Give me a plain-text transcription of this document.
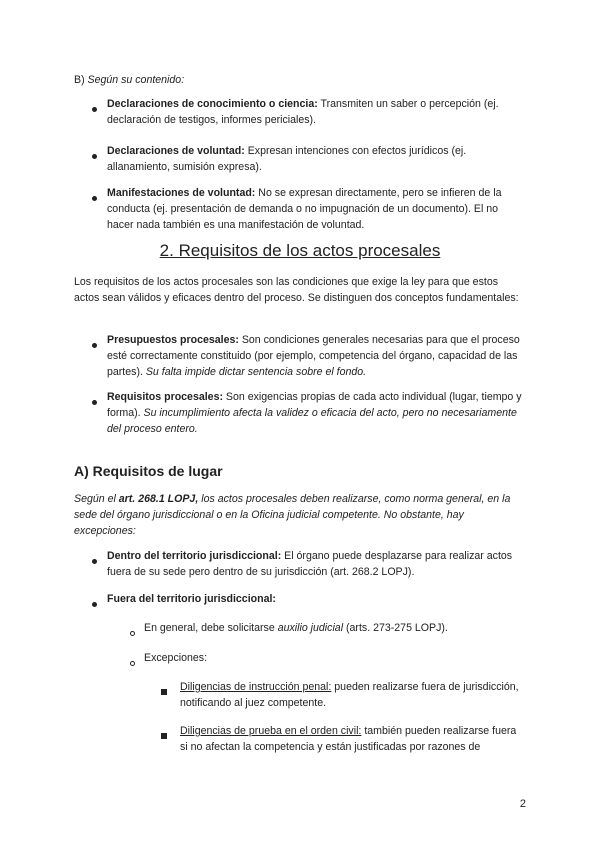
B) Según su contenido:

Declaraciones de conocimiento o ciencia: Transmiten un saber o percepción (ej. declaración de testigos, informes periciales).

Declaraciones de voluntad: Expresan intenciones con efectos jurídicos (ej. allanamiento, sumisión expresa).

Manifestaciones de voluntad: No se expresan directamente, pero se infieren de la conducta (ej. presentación de demanda o no impugnación de un documento). El no hacer nada también es una manifestación de voluntad.

2. Requisitos de los actos procesales

Los requisitos de los actos procesales son las condiciones que exige la ley para que estos actos sean válidos y eficaces dentro del proceso. Se distinguen dos conceptos fundamentales:

Presupuestos procesales: Son condiciones generales necesarias para que el proceso esté correctamente constituido (por ejemplo, competencia del órgano, capacidad de las partes). Su falta impide dictar sentencia sobre el fondo.

Requisitos procesales: Son exigencias propias de cada acto individual (lugar, tiempo y forma). Su incumplimiento afecta la validez o eficacia del acto, pero no necesariamente del proceso entero.

A) Requisitos de lugar

Según el art. 268.1 LOPJ, los actos procesales deben realizarse, como norma general, en la sede del órgano jurisdiccional o en la Oficina judicial competente. No obstante, hay excepciones:

Dentro del territorio jurisdiccional: El órgano puede desplazarse para realizar actos fuera de su sede pero dentro de su jurisdicción (art. 268.2 LOPJ).

Fuera del territorio jurisdiccional:

En general, debe solicitarse auxilio judicial (arts. 273-275 LOPJ).

Excepciones:

Diligencias de instrucción penal: pueden realizarse fuera de jurisdicción, notificando al juez competente.

Diligencias de prueba en el orden civil: también pueden realizarse fuera si no afectan la competencia y están justificadas por razones de

2
